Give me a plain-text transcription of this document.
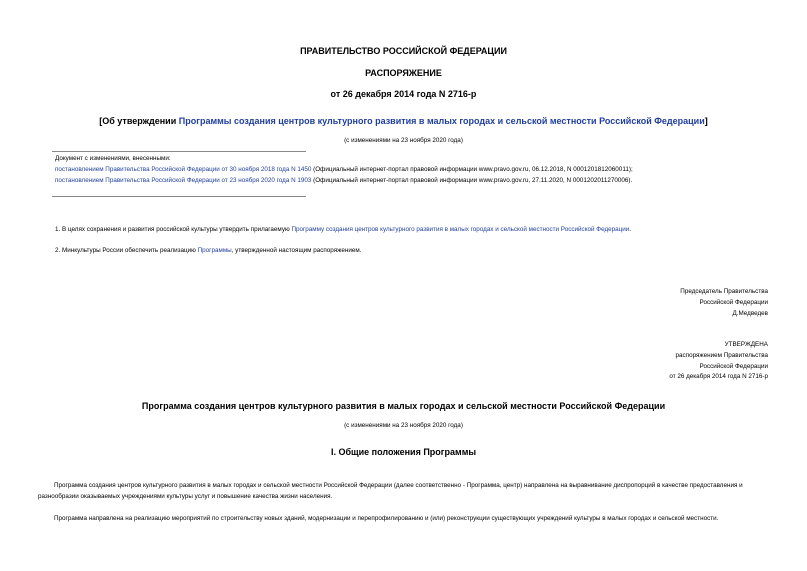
ПРАВИТЕЛЬСТВО РОССИЙСКОЙ ФЕДЕРАЦИИ
РАСПОРЯЖЕНИЕ
от 26 декабря 2014 года N 2716-р
[Об утверждении Программы создания центров культурного развития в малых городах и сельской местности Российской Федерации]
(с изменениями на 23 ноября 2020 года)
Документ с изменениями, внесенными:
постановлением Правительства Российской Федерации от 30 ноября 2018 года N 1450 (Официальный интернет-портал правовой информации www.pravo.gov.ru, 06.12.2018, N 0001201812060011);
постановлением Правительства Российской Федерации от 23 ноября 2020 года N 1903 (Официальный интернет-портал правовой информации www.pravo.gov.ru, 27.11.2020, N 0001202011270006).
1. В целях сохранения и развития российской культуры утвердить прилагаемую Программу создания центров культурного развития в малых городах и сельской местности Российской Федерации.
2. Минкультуры России обеспечить реализацию Программы, утвержденной настоящим распоряжением.
Председатель Правительства
Российской Федерации
Д.Медведев
УТВЕРЖДЕНА
распоряжением Правительства
Российской Федерации
от 26 декабря 2014 года N 2716-р
Программа создания центров культурного развития в малых городах и сельской местности Российской Федерации
(с изменениями на 23 ноября 2020 года)
I. Общие положения Программы
Программа создания центров культурного развития в малых городах и сельской местности Российской Федерации (далее соответственно - Программа, центр) направлена на выравнивание диспропорций в качестве предоставления и разнообразии оказываемых учреждениями культуры услуг и повышение качества жизни населения.
Программа направлена на реализацию мероприятий по строительству новых зданий, модернизации и перепрофилированию и (или) реконструкции существующих учреждений культуры в малых городах и сельской местности.
